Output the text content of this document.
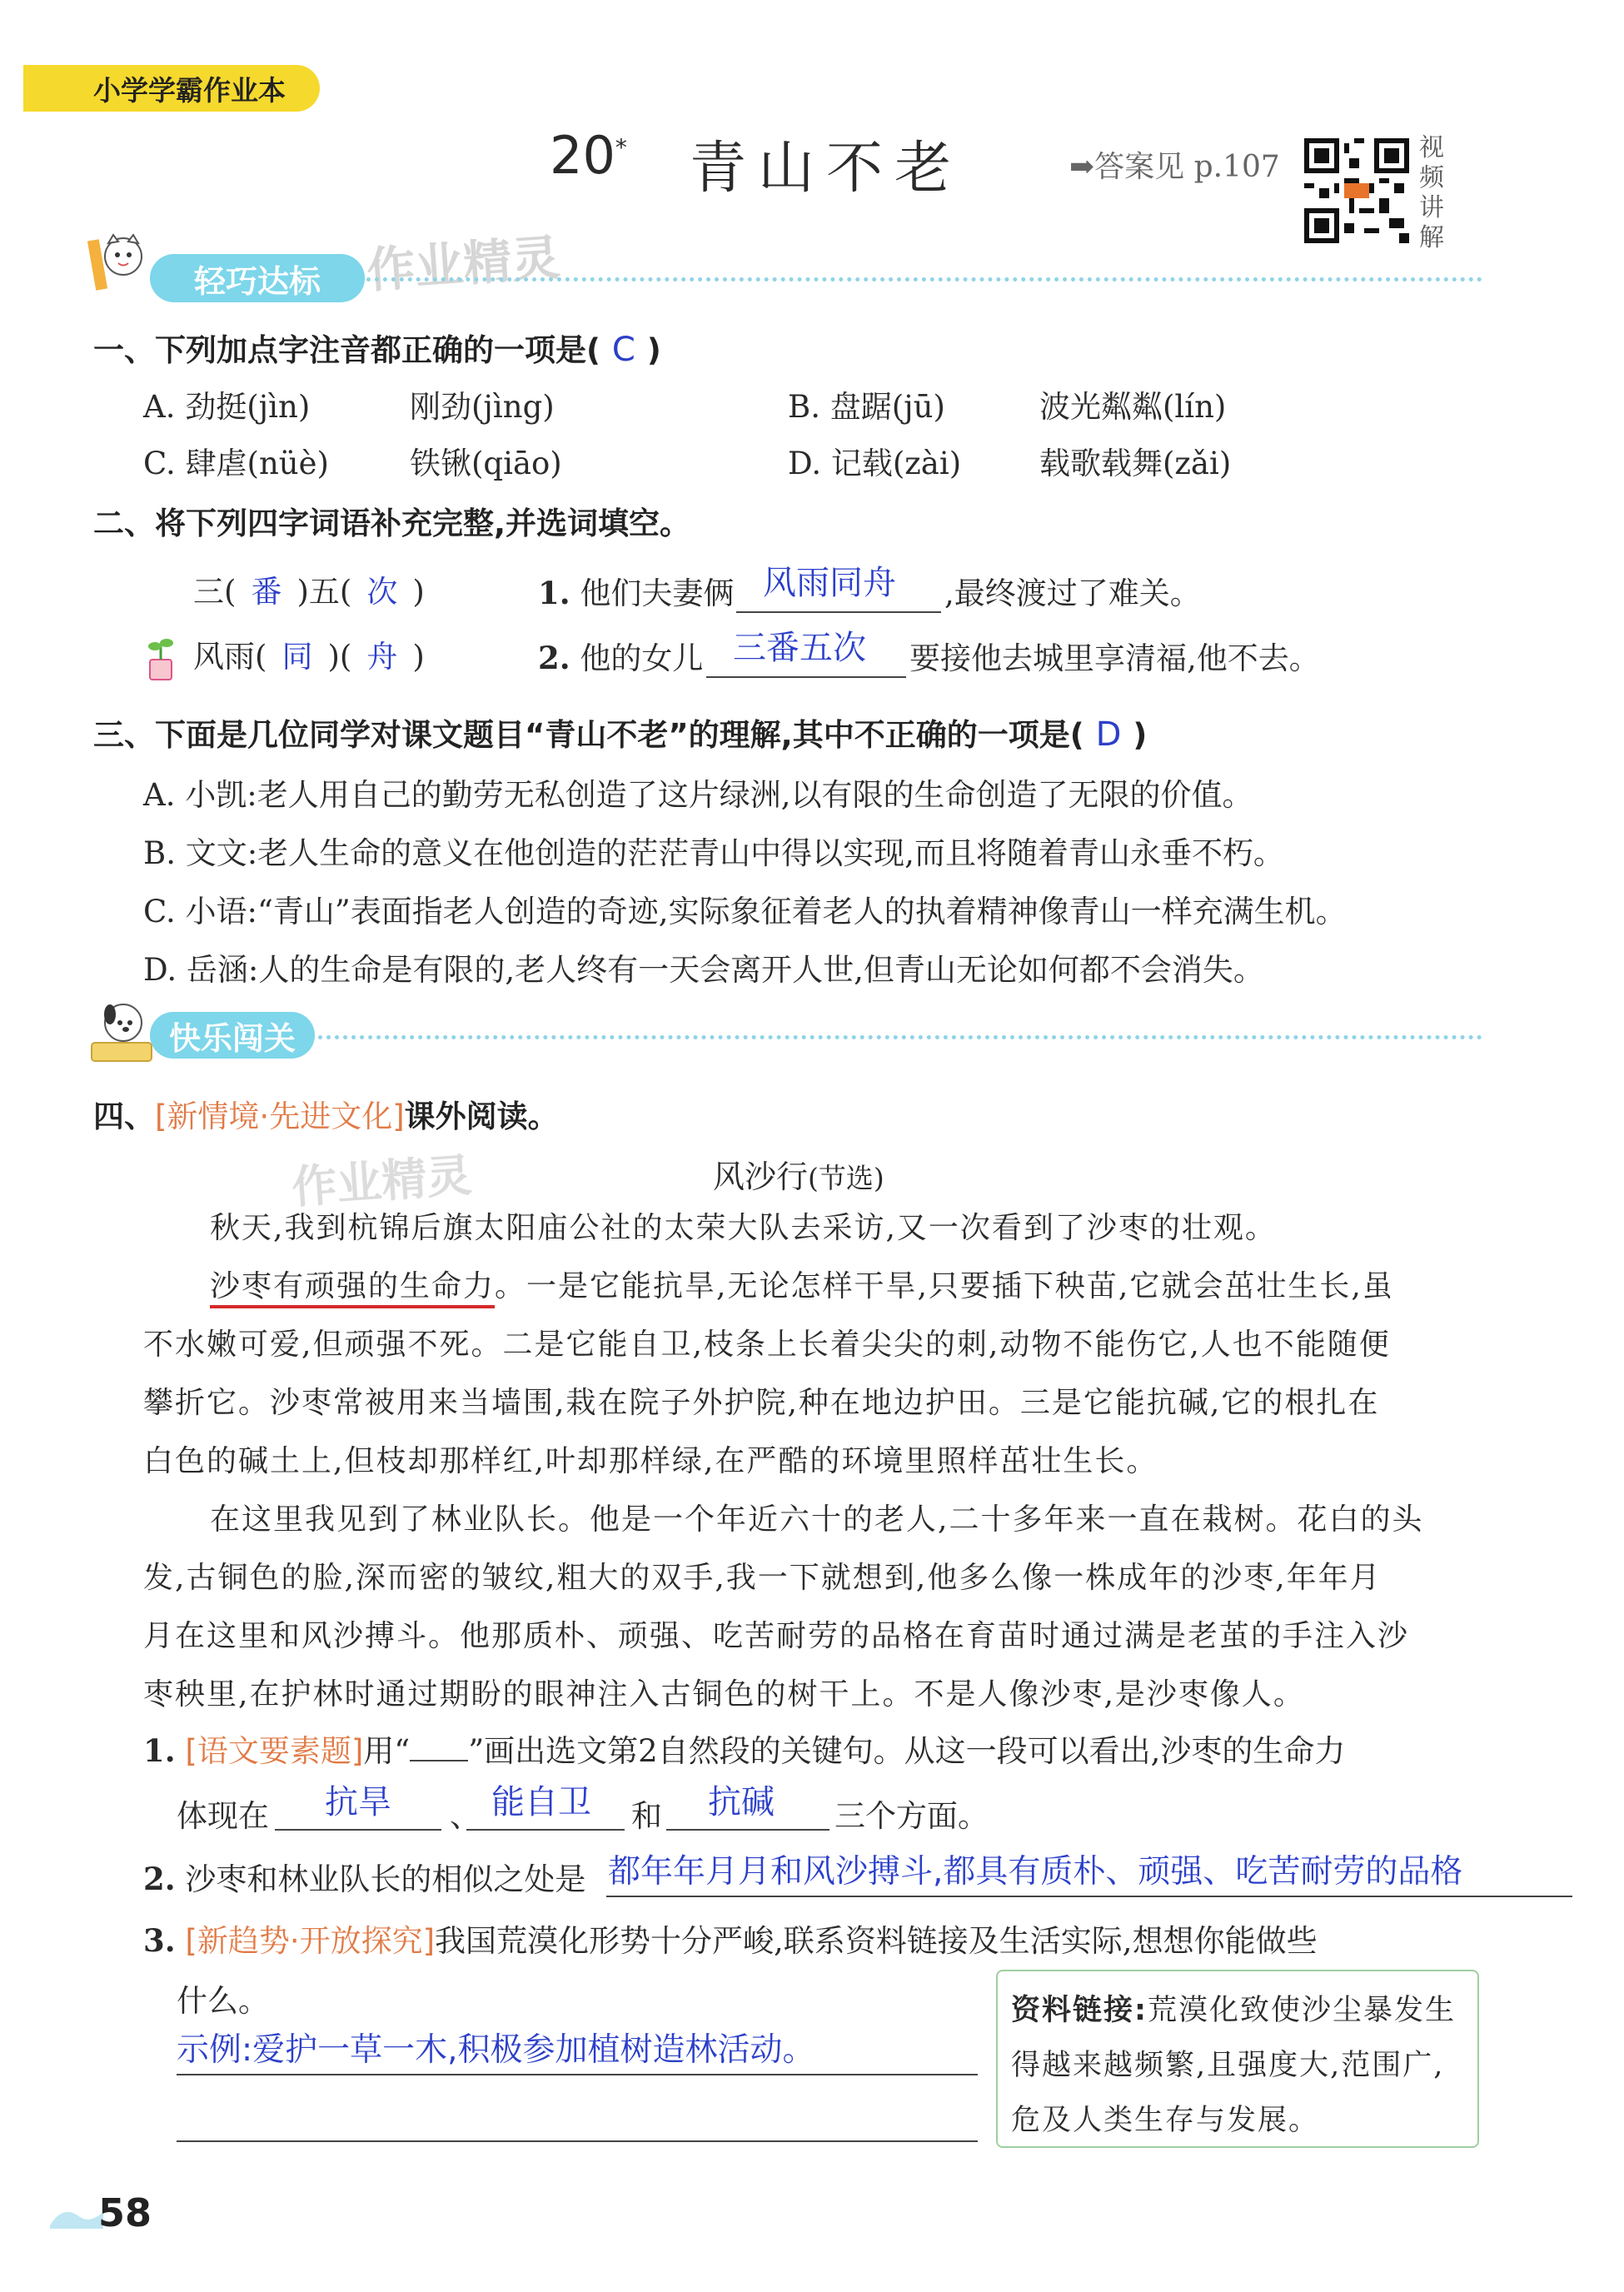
小学学霸作业本
20* 青山不老	➡答案见 p.107
视
频
讲
解
轻巧达标 作业精灵
一、下列加点字注音都正确的一项是( C )
A. 劲挺(jìn)	刚劲(jìng)	B. 盘踞(jū)	波光粼粼(lín)
C. 肆虐(nüè)	铁锹(qiāo)	D. 记载(zài)	载歌载舞(zǎi)
二、将下列四字词语补充完整,并选词填空。
三( 番 )五( 次 )
风雨( 同 )( 舟 )
1. 他们夫妻俩 风雨同舟 ,最终渡过了难关。
2. 他的女儿 三番五次 要接他去城里享清福,他不去。
三、下面是几位同学对课文题目“青山不老”的理解,其中不正确的一项是( D )
A. 小凯:老人用自己的勤劳无私创造了这片绿洲,以有限的生命创造了无限的价值。
B. 文文:老人生命的意义在他创造的茫茫青山中得以实现,而且将随着青山永垂不朽。
C. 小语:“青山”表面指老人创造的奇迹,实际象征着老人的执着精神像青山一样充满生机。
D. 岳涵:人的生命是有限的,老人终有一天会离开人世,但青山无论如何都不会消失。
快乐闯关
四、[新情境·先进文化]课外阅读。
作业精灵	风沙行(节选)
秋天,我到杭锦后旗太阳庙公社的太荣大队去采访,又一次看到了沙枣的壮观。
沙枣有顽强的生命力。一是它能抗旱,无论怎样干旱,只要插下秧苗,它就会茁壮生长,虽
不水嫩可爱,但顽强不死。二是它能自卫,枝条上长着尖尖的刺,动物不能伤它,人也不能随便
攀折它。沙枣常被用来当墙围,栽在院子外护院,种在地边护田。三是它能抗碱,它的根扎在
白色的碱土上,但枝却那样红,叶却那样绿,在严酷的环境里照样茁壮生长。
在这里我见到了林业队长。他是一个年近六十的老人,二十多年来一直在栽树。花白的头
发,古铜色的脸,深而密的皱纹,粗大的双手,我一下就想到,他多么像一株成年的沙枣,年年月
月在这里和风沙搏斗。他那质朴、顽强、吃苦耐劳的品格在育苗时通过满是老茧的手注入沙
枣秧里,在护林时通过期盼的眼神注入古铜色的树干上。不是人像沙枣,是沙枣像人。
1. [语文要素题]用“ ”画出选文第2自然段的关键句。从这一段可以看出,沙枣的生命力
体现在 抗旱 、 能自卫 和 抗碱 三个方面。
2. 沙枣和林业队长的相似之处是 都年年月月和风沙搏斗,都具有质朴、顽强、吃苦耐劳的品格
3. [新趋势·开放探究]我国荒漠化形势十分严峻,联系资料链接及生活实际,想想你能做些
什么。
示例:爱护一草一木,积极参加植树造林活动。
资料链接:荒漠化致使沙尘暴发生得越来越频繁,且强度大,范围广,危及人类生存与发展。
58
